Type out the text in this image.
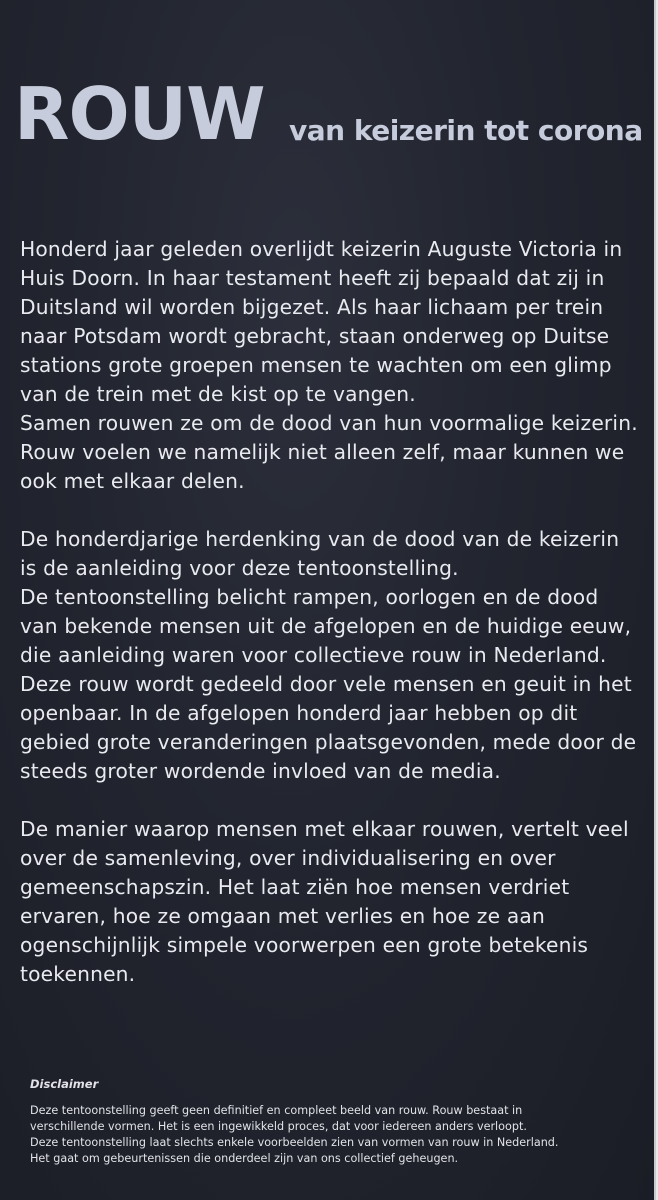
ROUW van keizerin tot corona
Honderd jaar geleden overlijdt keizerin Auguste Victoria in
Huis Doorn. In haar testament heeft zij bepaald dat zij in
Duitsland wil worden bijgezet. Als haar lichaam per trein
naar Potsdam wordt gebracht, staan onderweg op Duitse
stations grote groepen mensen te wachten om een glimp
van de trein met de kist op te vangen.
Samen rouwen ze om de dood van hun voormalige keizerin.
Rouw voelen we namelijk niet alleen zelf, maar kunnen we
ook met elkaar delen.
De honderdjarige herdenking van de dood van de keizerin
is de aanleiding voor deze tentoonstelling.
De tentoonstelling belicht rampen, oorlogen en de dood
van bekende mensen uit de afgelopen en de huidige eeuw,
die aanleiding waren voor collectieve rouw in Nederland.
Deze rouw wordt gedeeld door vele mensen en geuit in het
openbaar. In de afgelopen honderd jaar hebben op dit
gebied grote veranderingen plaatsgevonden, mede door de
steeds groter wordende invloed van de media.
De manier waarop mensen met elkaar rouwen, vertelt veel
over de samenleving, over individualisering en over
gemeenschapszin. Het laat ziën hoe mensen verdriet
ervaren, hoe ze omgaan met verlies en hoe ze aan
ogenschijnlijk simpele voorwerpen een grote betekenis
toekennen.
Disclaimer
Deze tentoonstelling geeft geen definitief en compleet beeld van rouw. Rouw bestaat in
verschillende vormen. Het is een ingewikkeld proces, dat voor iedereen anders verloopt.
Deze tentoonstelling laat slechts enkele voorbeelden zien van vormen van rouw in Nederland.
Het gaat om gebeurtenissen die onderdeel zijn van ons collectief geheugen.
